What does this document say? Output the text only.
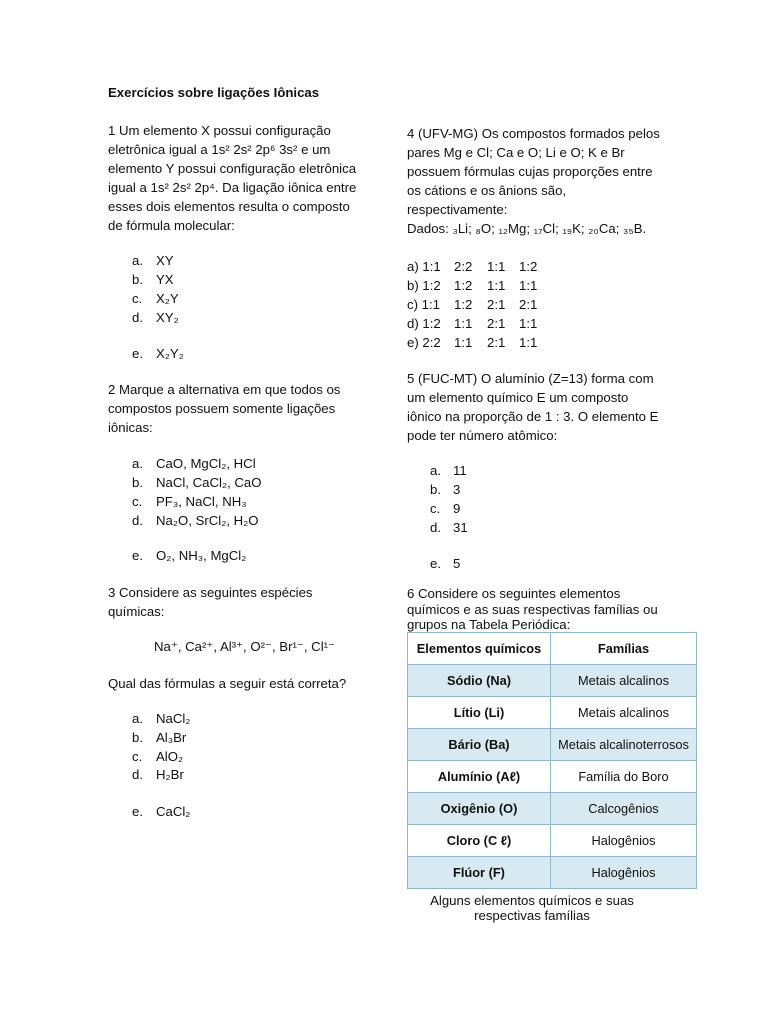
Exercícios sobre ligações Iônicas
1 Um elemento X possui configuração
eletrônica igual a 1s² 2s² 2p⁶ 3s² e um
elemento Y possui configuração eletrônica
igual a 1s² 2s² 2p⁴. Da ligação iônica entre
esses dois elementos resulta o composto
de fórmula molecular:
a. XY
b. YX
c. X₂Y
d. XY₂
e. X₂Y₂
2 Marque a alternativa em que todos os
compostos possuem somente ligações
iônicas:
a. CaO, MgCl₂, HCl
b. NaCl, CaCl₂, CaO
c. PF₃, NaCl, NH₃
d. Na₂O, SrCl₂, H₂O
e. O₂, NH₃, MgCl₂
3 Considere as seguintes espécies
químicas:
Na⁺, Ca²⁺, Al³⁺, O²⁻, Br¹⁻, Cl¹⁻
Qual das fórmulas a seguir está correta?
a. NaCl₂
b. Al₃Br
c. AlO₂
d. H₂Br
e. CaCl₂
4 (UFV-MG) Os compostos formados pelos
pares Mg e Cl; Ca e O; Li e O; K e Br
possuem fórmulas cujas proporções entre
os cátions e os ânions são,
respectivamente:
Dados: ₃Li; ₈O; ₁₂Mg; ₁₇Cl; ₁₉K; ₂₀Ca; ₃₅B.
a) 1:1 2:2 1:1 1:2
b) 1:2 1:2 1:1 1:1
c) 1:1 1:2 2:1 2:1
d) 1:2 1:1 2:1 1:1
e) 2:2 1:1 2:1 1:1
5 (FUC-MT) O alumínio (Z=13) forma com
um elemento químico E um composto
iônico na proporção de 1 : 3. O elemento E
pode ter número atômico:
a. 11
b. 3
c. 9
d. 31
e. 5
6 Considere os seguintes elementos
químicos e as suas respectivas famílias ou
grupos na Tabela Periódica:
Elementos químicos	Famílias
Sódio (Na)	Metais alcalinos
Lítio (Li)	Metais alcalinos
Bário (Ba)	Metais alcalinoterrosos
Alumínio (Aℓ)	Família do Boro
Oxigênio (O)	Calcogênios
Cloro (C ℓ)	Halogênios
Flúor (F)	Halogênios
Alguns elementos químicos e suas
respectivas famílias
